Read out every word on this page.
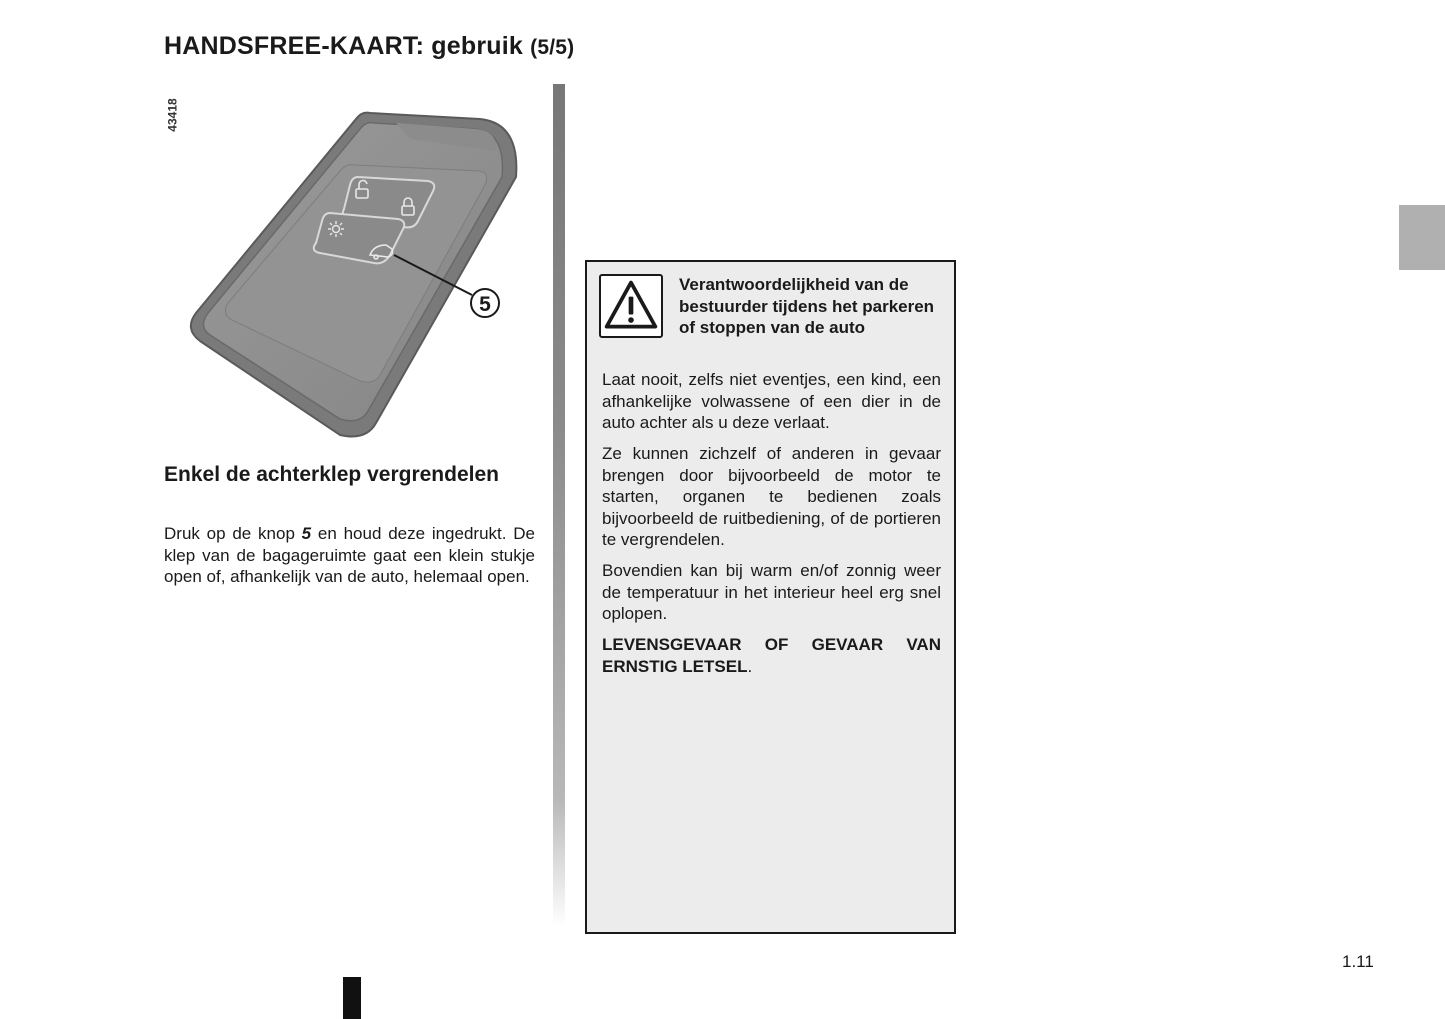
HANDSFREE-KAART: gebruik (5/5)
43418
5
Enkel de achterklep vergrendelen

Druk op de knop 5 en houd deze ingedrukt. De klep van de bagageruimte gaat een klein stukje open of, afhankelijk van de auto, helemaal open.

Verantwoordelijkheid van de bestuurder tijdens het parkeren of stoppen van de auto

Laat nooit, zelfs niet eventjes, een kind, een afhankelijke volwassene of een dier in de auto achter als u deze verlaat.

Ze kunnen zichzelf of anderen in gevaar brengen door bijvoorbeeld de motor te starten, organen te bedienen zoals bijvoorbeeld de ruitbediening, of de portieren te vergrendelen.

Bovendien kan bij warm en/of zonnig weer de temperatuur in het interieur heel erg snel oplopen.

LEVENSGEVAAR OF GEVAAR VAN ERNSTIG LETSEL.

1.11
